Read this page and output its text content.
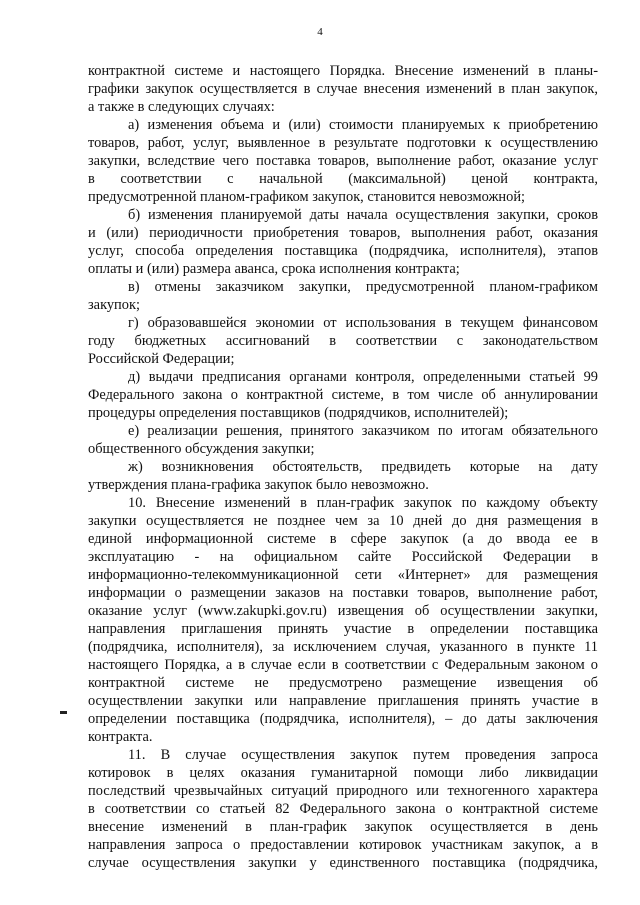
4
контрактной системе и настоящего Порядка. Внесение изменений в планы-
графики закупок осуществляется в случае внесения изменений в план закупок,
а также в следующих случаях:
а) изменения объема и (или) стоимости планируемых к приобретению
товаров, работ, услуг, выявленное в результате подготовки к осуществлению
закупки, вследствие чего поставка товаров, выполнение работ, оказание услуг
в соответствии с начальной (максимальной) ценой контракта,
предусмотренной планом-графиком закупок, становится невозможной;
б) изменения планируемой даты начала осуществления закупки, сроков
и (или) периодичности приобретения товаров, выполнения работ, оказания
услуг, способа определения поставщика (подрядчика, исполнителя), этапов
оплаты и (или) размера аванса, срока исполнения контракта;
в) отмены заказчиком закупки, предусмотренной планом-графиком
закупок;
г) образовавшейся экономии от использования в текущем финансовом
году бюджетных ассигнований в соответствии с законодательством
Российской Федерации;
д) выдачи предписания органами контроля, определенными статьей 99
Федерального закона о контрактной системе, в том числе об аннулировании
процедуры определения поставщиков (подрядчиков, исполнителей);
е) реализации решения, принятого заказчиком по итогам обязательного
общественного обсуждения закупки;
ж) возникновения обстоятельств, предвидеть которые на дату
утверждения плана-графика закупок было невозможно.
10. Внесение изменений в план-график закупок по каждому объекту
закупки осуществляется не позднее чем за 10 дней до дня размещения в
единой информационной системе в сфере закупок (а до ввода ее в
эксплуатацию - на официальном сайте Российской Федерации в
информационно-телекоммуникационной сети «Интернет» для размещения
информации о размещении заказов на поставки товаров, выполнение работ,
оказание услуг (www.zakupki.gov.ru) извещения об осуществлении закупки,
направления приглашения принять участие в определении поставщика
(подрядчика, исполнителя), за исключением случая, указанного в пункте 11
настоящего Порядка, а в случае если в соответствии с Федеральным законом о
контрактной системе не предусмотрено размещение извещения об
осуществлении закупки или направление приглашения принять участие в
определении поставщика (подрядчика, исполнителя), – до даты заключения
контракта.
11. В случае осуществления закупок путем проведения запроса
котировок в целях оказания гуманитарной помощи либо ликвидации
последствий чрезвычайных ситуаций природного или техногенного характера
в соответствии со статьей 82 Федерального закона о контрактной системе
внесение изменений в план-график закупок осуществляется в день
направления запроса о предоставлении котировок участникам закупок, а в
случае осуществления закупки у единственного поставщика (подрядчика,
